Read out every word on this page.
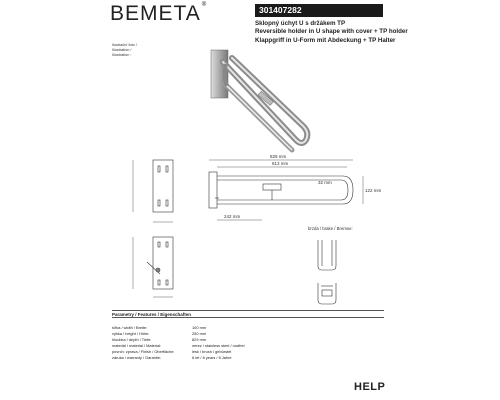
BEMETA®	301407282
Sklopný úchyt U s držákem TP
Reversible holder in U shape with cover + TP holder
Klappgriff in U-Form mit Abdeckung + TP Halter
Ilustrační foto /
Illustration /
Illustration :
829 mm
813 mm
32 mm
122 mm
242 mm
brzda / brake / Bremse:
Parametry / Features / Eigenschaften
šířka / width / Breite:	100 mm
výška / height / Höhe:	250 mm
hloubka / depth / Tiefe:	829 mm
materiál / material / Material:	nerez / stainless steel / rostfrei
povrch: zprava / Finish / Oberfläche:	lesk / brush / gebürstet
záruka / warranty / Garantie:	6 let / 6 years / 6 Jahre
HELP
